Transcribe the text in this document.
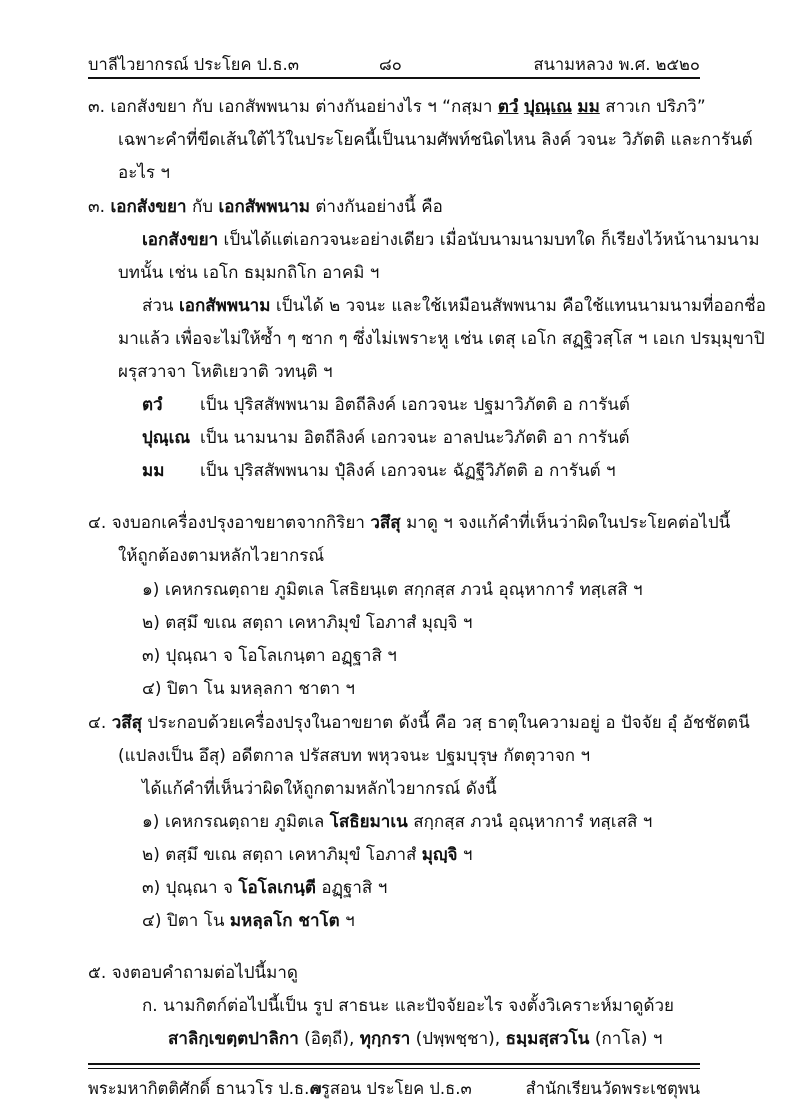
บาลีไวยากรณ์ ประโยค ป.ธ.๓	๘๐	สนามหลวง พ.ศ. ๒๕๒๐
๓. เอกสังขยา กับ เอกสัพพนาม ต่างกันอย่างไร ฯ “กสฺมา ตวํ ปุณฺเณ มม สาวเก ปริภวิ”
เฉพาะคำที่ขีดเส้นใต้ไว้ในประโยคนี้เป็นนามศัพท์ชนิดไหน ลิงค์ วจนะ วิภัตติ และการันต์
อะไร ฯ
๓. เอกสังขยา กับ เอกสัพพนาม ต่างกันอย่างนี้ คือ
เอกสังขยา เป็นได้แต่เอกวจนะอย่างเดียว เมื่อนับนามนามบทใด ก็เรียงไว้หน้านามนาม
บทนั้น เช่น เอโก ธมฺมกถิโก อาคมิ ฯ
ส่วน เอกสัพพนาม เป็นได้ ๒ วจนะ และใช้เหมือนสัพพนาม คือใช้แทนนามนามที่ออกชื่อ
มาแล้ว เพื่อจะไม่ให้ซ้ำ ๆ ซาก ๆ ซึ่งไม่เพราะหู เช่น เตสุ เอโก สฏฺฐิวสฺโส ฯ เอเก ปรมฺมุขาปิ
ผรุสวาจา โหติเยวาติ วทนฺติ ฯ
ตวํ เป็น ปุริสสัพพนาม อิตถีลิงค์ เอกวจนะ ปฐมาวิภัตติ อ การันต์
ปุณฺเณ เป็น นามนาม อิตถีลิงค์ เอกวจนะ อาลปนะวิภัตติ อา การันต์
มม เป็น ปุริสสัพพนาม ปุํลิงค์ เอกวจนะ ฉัฏฐีวิภัตติ อ การันต์ ฯ
๔. จงบอกเครื่องปรุงอาขยาตจากกิริยา วสึสุ มาดู ฯ จงแก้คำที่เห็นว่าผิดในประโยคต่อไปนี้
ให้ถูกต้องตามหลักไวยากรณ์
๑) เคหกรณตฺถาย ภูมิตเล โสธิยนฺเต สกฺกสฺส ภวนํ อุณฺหาการํ ทสฺเสสิ ฯ
๒) ตสฺมึ ขเณ สตฺถา เคหาภิมุขํ โอภาสํ มุญฺจิ ฯ
๓) ปุณฺณา จ โอโลเกนฺตา อฏฺฐาสิ ฯ
๔) ปิตา โน มหลฺลกา ชาตา ฯ
๔. วสึสุ ประกอบด้วยเครื่องปรุงในอาขยาต ดังนี้ คือ วสฺ ธาตุในความอยู่ อ ปัจจัย อุํ อัชชัตตนี
(แปลงเป็น อึสุ) อดีตกาล ปรัสสบท พหุวจนะ ปฐมบุรุษ กัตตุวาจก ฯ
ได้แก้คำที่เห็นว่าผิดให้ถูกตามหลักไวยากรณ์ ดังนี้
๑) เคหกรณตฺถาย ภูมิตเล โสธิยมาเน สกฺกสฺส ภวนํ อุณฺหาการํ ทสฺเสสิ ฯ
๒) ตสฺมึ ขเณ สตฺถา เคหาภิมุขํ โอภาสํ มุญฺจิ ฯ
๓) ปุณฺณา จ โอโลเกนฺตี อฏฺฐาสิ ฯ
๔) ปิตา โน มหลฺลโก ชาโต ฯ
๕. จงตอบคำถามต่อไปนี้มาดู
ก. นามกิตก์ต่อไปนี้เป็น รูป สาธนะ และปัจจัยอะไร จงตั้งวิเคราะห์มาดูด้วย
สาลิกฺเขตฺตปาลิกา (อิตฺถี), ทุกฺกรา (ปพฺพชฺชา), ธมฺมสฺสวโน (กาโล) ฯ
พระมหากิตติศักดิ์ ธานวโร ป.ธ.๗
ครูสอน ประโยค ป.ธ.๓	สำนักเรียนวัดพระเชตุพน
